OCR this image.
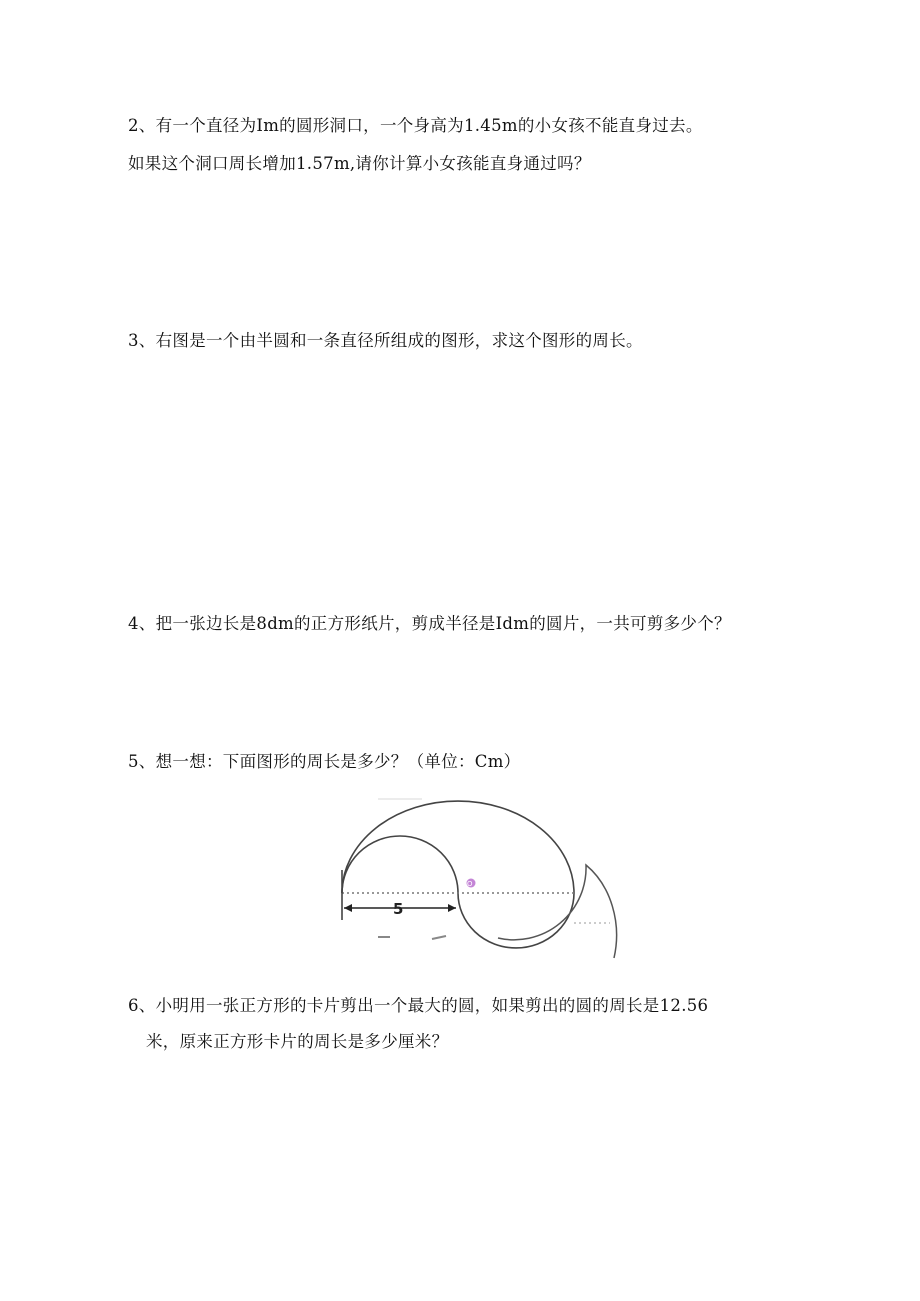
2、有一个直径为Im的圆形洞口，一个身高为1.45m的小女孩不能直身过去。
如果这个洞口周长增加1.57m,请你计算小女孩能直身通过吗？
3、右图是一个由半圆和一条直径所组成的图形，求这个图形的周长。
4、把一张边长是8dm的正方形纸片，剪成半径是Idm的圆片，一共可剪多少个？
5、想一想：下面图形的周长是多少？（单位：Cm）
5
O
6、小明用一张正方形的卡片剪出一个最大的圆，如果剪出的圆的周长是12.56
米，原来正方形卡片的周长是多少厘米？
